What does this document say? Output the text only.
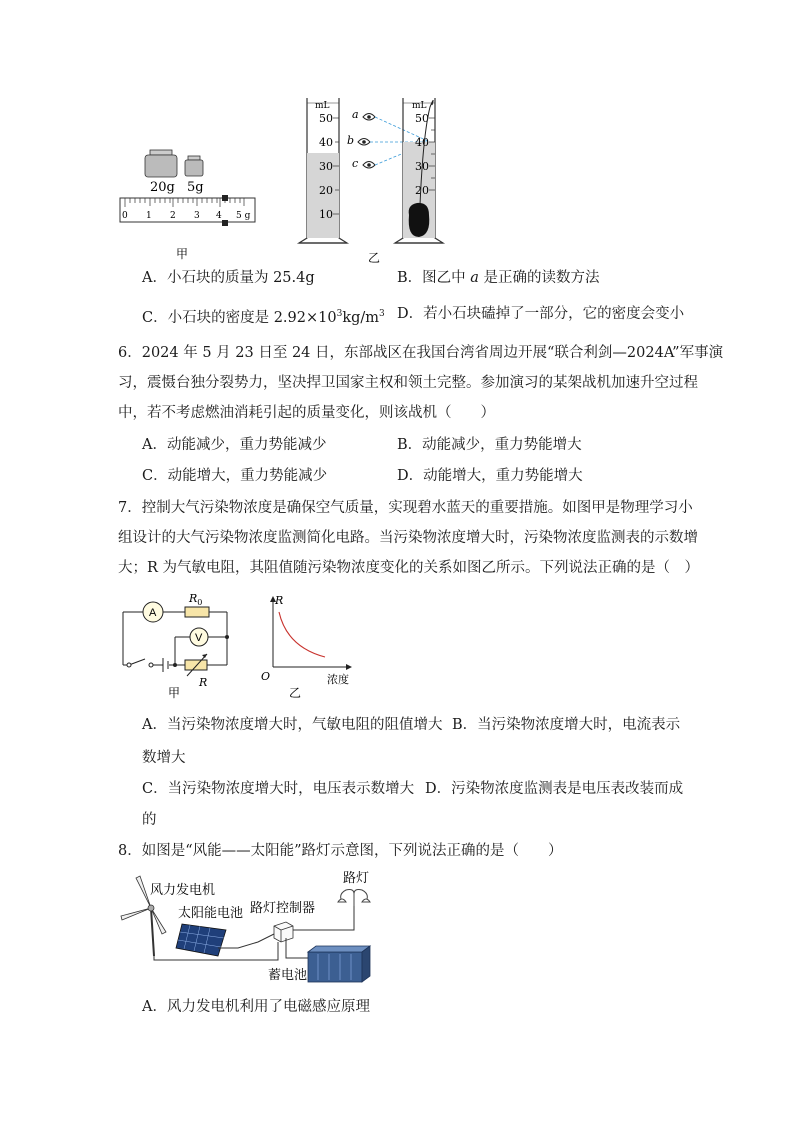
20g 5g
0 1 2 3 4 5 g
甲
mL
50
40
30
20
10
a
b
c
mL
50
40
30
20
乙
A．小石块的质量为 25.4g	B．图乙中 a 是正确的读数方法
C．小石块的密度是 $2.92\times 10^3kg/m^3$ D．若小石块磕掉了一部分，它的密度会变小
6．2024 年 5 月 23 日至 24 日，东部战区在我国台湾省周边开展“联合利剑—2024A”军事演
习，震慑台独分裂势力，坚决捍卫国家主权和领土完整。参加演习的某架战机加速升空过程
中，若不考虑燃油消耗引起的质量变化，则该战机（　　）
A．动能减少，重力势能减少	B．动能减少，重力势能增大
C．动能增大，重力势能减少	D．动能增大，重力势能增大
7．控制大气污染物浓度是确保空气质量，实现碧水蓝天的重要措施。如图甲是物理学习小
组设计的大气污染物浓度监测简化电路。当污染物浓度增大时，污染物浓度监测表的示数增
大；R 为气敏电阻，其阻值随污染物浓度变化的关系如图乙所示。下列说法正确的是（　）
A
$R_0$
V
R
甲
R
O	浓度
乙
A．当污染物浓度增大时，气敏电阻的阻值增大 B．当污染物浓度增大时，电流表示
数增大
C．当污染物浓度增大时，电压表示数增大 D．污染物浓度监测表是电压表改装而成
的
8．如图是“风能——太阳能”路灯示意图，下列说法正确的是（　　）
风力发电机
太阳能电池 路灯控制器
路灯
蓄电池
A．风力发电机利用了电磁感应原理
